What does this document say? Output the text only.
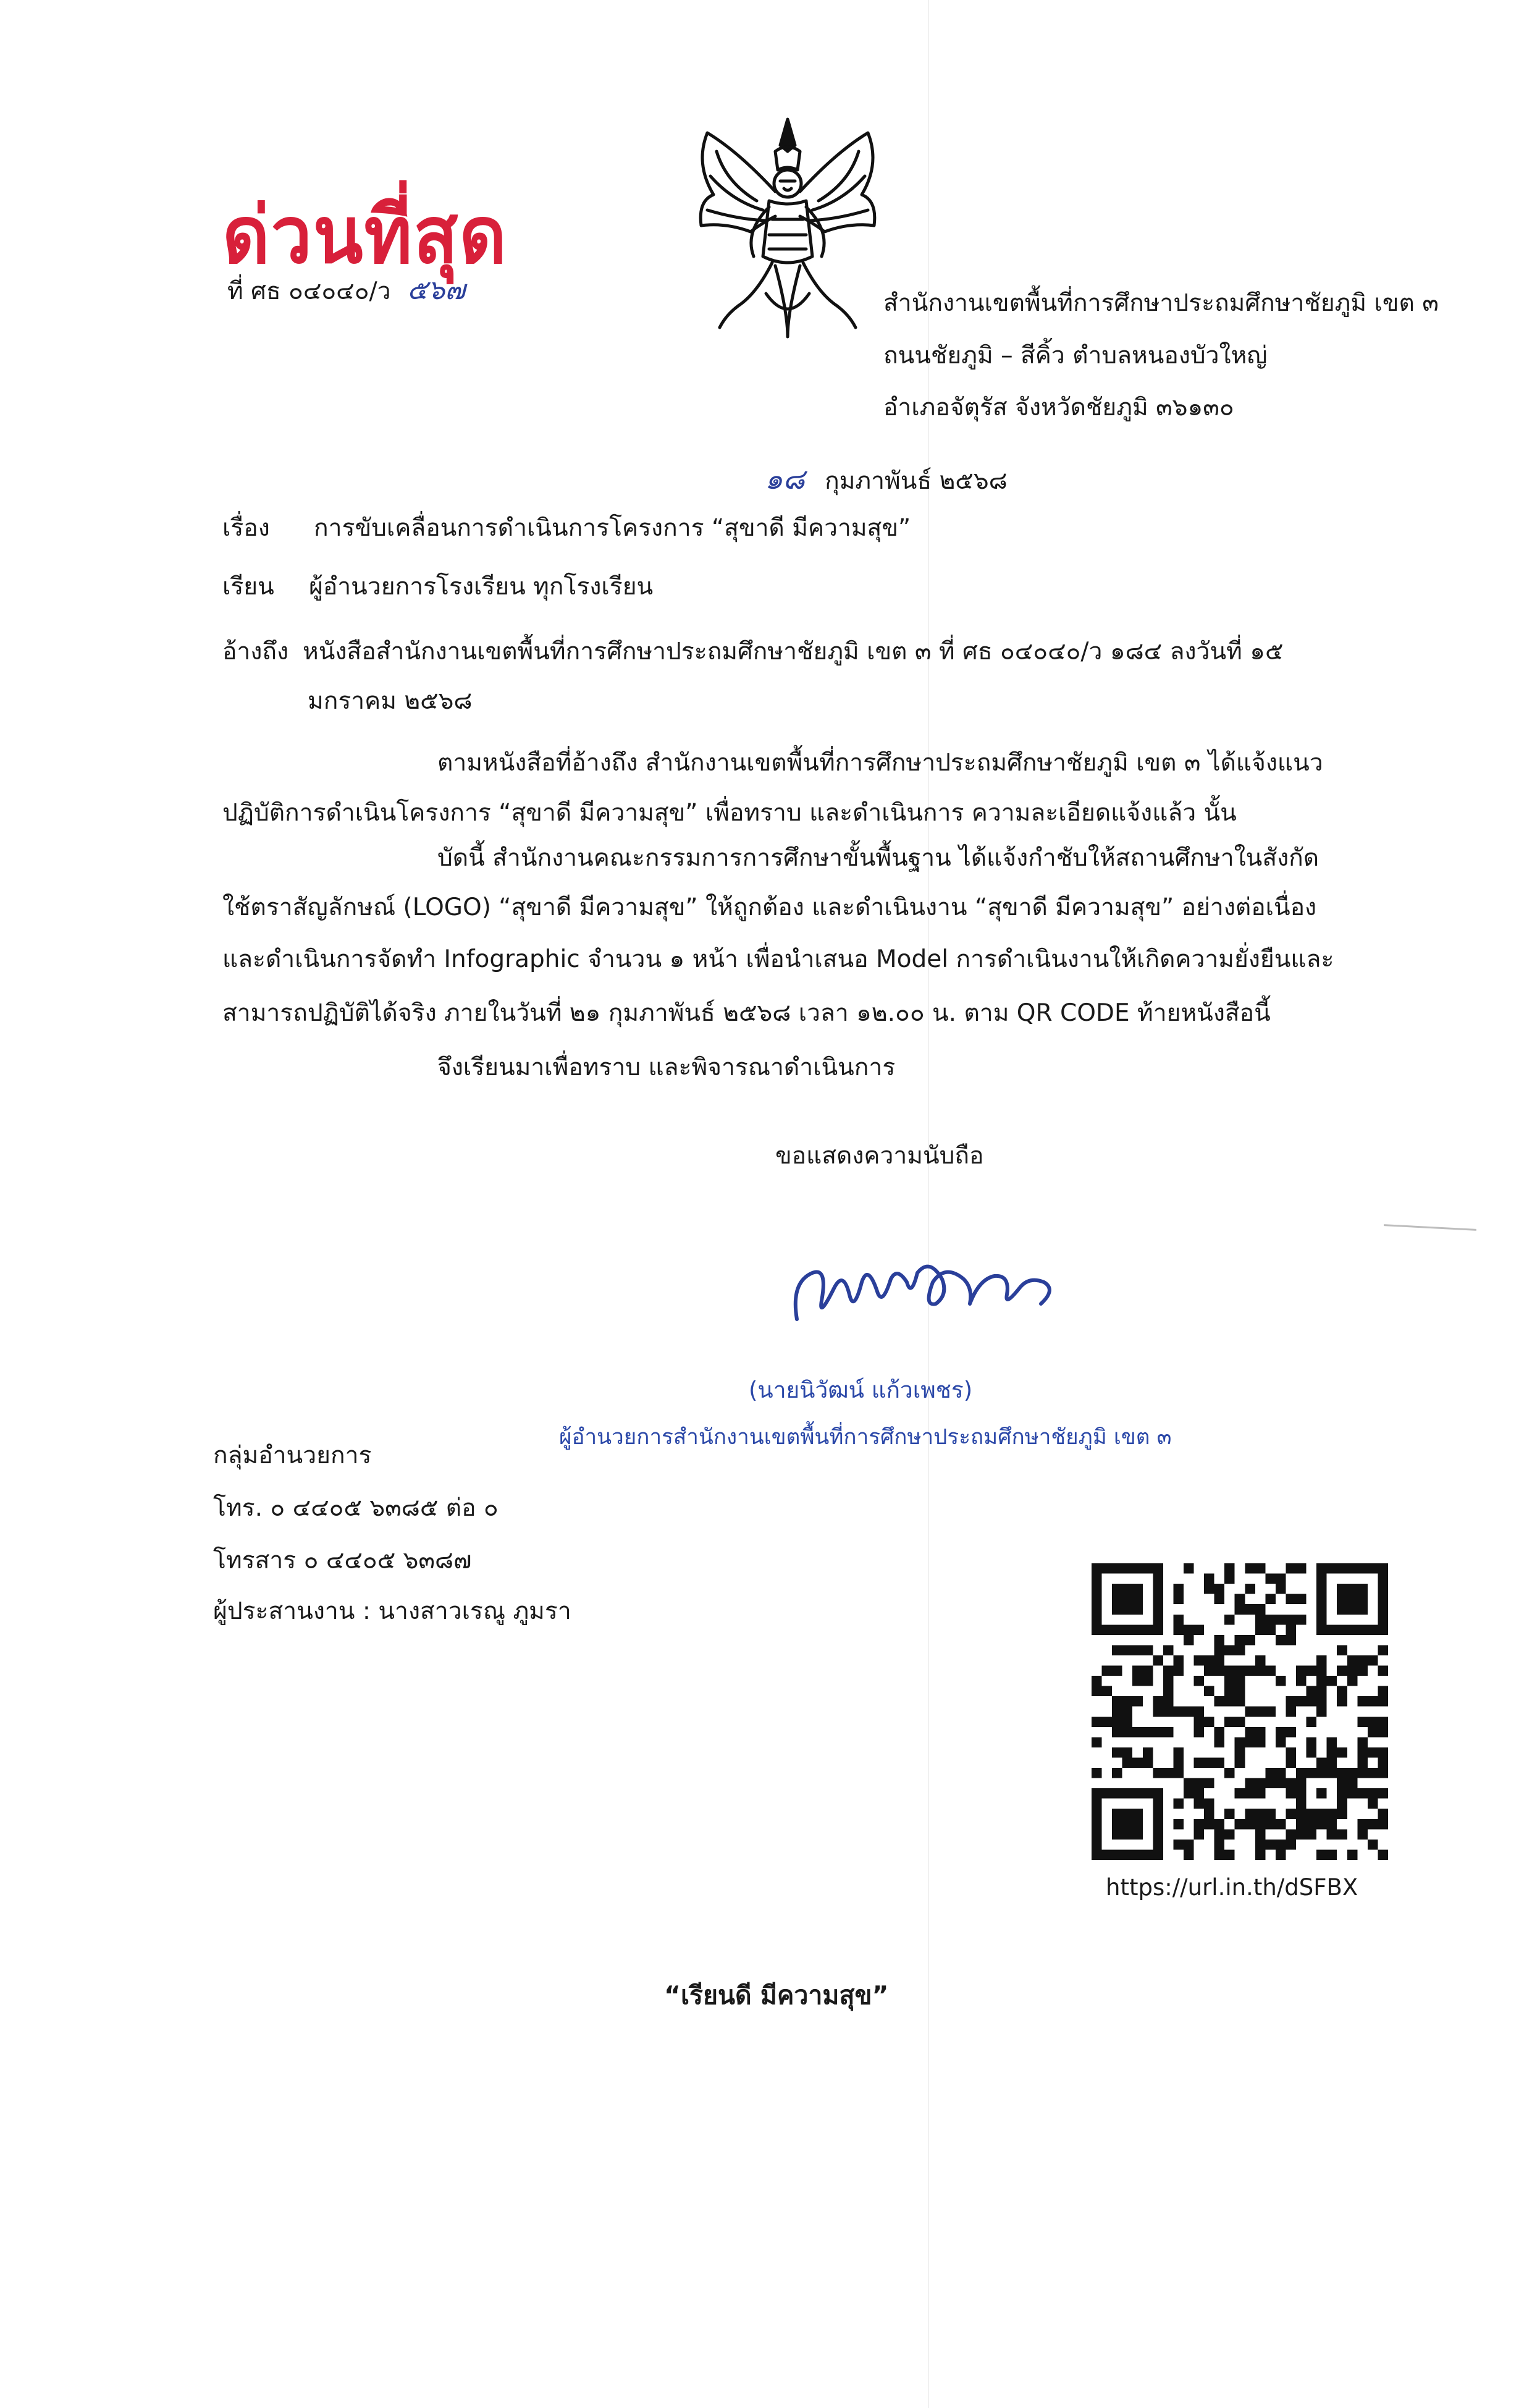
ด่วนที่สุด
ที่ ศธ ๐๔๐๔๐/ว ๕๖๗	สำนักงานเขตพื้นที่การศึกษาประถมศึกษาชัยภูมิ เขต ๓
ถนนชัยภูมิ – สีคิ้ว ตำบลหนองบัวใหญ่
อำเภอจัตุรัส จังหวัดชัยภูมิ ๓๖๑๓๐
๑๘ กุมภาพันธ์ ๒๕๖๘
เรื่อง การขับเคลื่อนการดำเนินการโครงการ “สุขาดี มีความสุข”
เรียน ผู้อำนวยการโรงเรียน ทุกโรงเรียน
อ้างถึง หนังสือสำนักงานเขตพื้นที่การศึกษาประถมศึกษาชัยภูมิ เขต ๓ ที่ ศธ ๐๔๐๔๐/ว ๑๘๔ ลงวันที่ ๑๕
มกราคม ๒๕๖๘
ตามหนังสือที่อ้างถึง สำนักงานเขตพื้นที่การศึกษาประถมศึกษาชัยภูมิ เขต ๓ ได้แจ้งแนว
ปฏิบัติการดำเนินโครงการ “สุขาดี มีความสุข” เพื่อทราบ และดำเนินการ ความละเอียดแจ้งแล้ว นั้น
บัดนี้ สำนักงานคณะกรรมการการศึกษาขั้นพื้นฐาน ได้แจ้งกำชับให้สถานศึกษาในสังกัด
ใช้ตราสัญลักษณ์ (LOGO) “สุขาดี มีความสุข” ให้ถูกต้อง และดำเนินงาน “สุขาดี มีความสุข” อย่างต่อเนื่อง
และดำเนินการจัดทำ Infographic จำนวน ๑ หน้า เพื่อนำเสนอ Model การดำเนินงานให้เกิดความยั่งยืนและ
สามารถปฏิบัติได้จริง ภายในวันที่ ๒๑ กุมภาพันธ์ ๒๕๖๘ เวลา ๑๒.๐๐ น. ตาม QR CODE ท้ายหนังสือนี้
จึงเรียนมาเพื่อทราบ และพิจารณาดำเนินการ
ขอแสดงความนับถือ
(นายนิวัฒน์ แก้วเพชร)
ผู้อำนวยการสำนักงานเขตพื้นที่การศึกษาประถมศึกษาชัยภูมิ เขต ๓
กลุ่มอำนวยการ
โทร. ๐ ๔๔๐๕ ๖๓๘๕ ต่อ ๐
โทรสาร ๐ ๔๔๐๕ ๖๓๘๗
ผู้ประสานงาน : นางสาวเรณู ภูมรา
https://url.in.th/dSFBX
“เรียนดี มีความสุข”
